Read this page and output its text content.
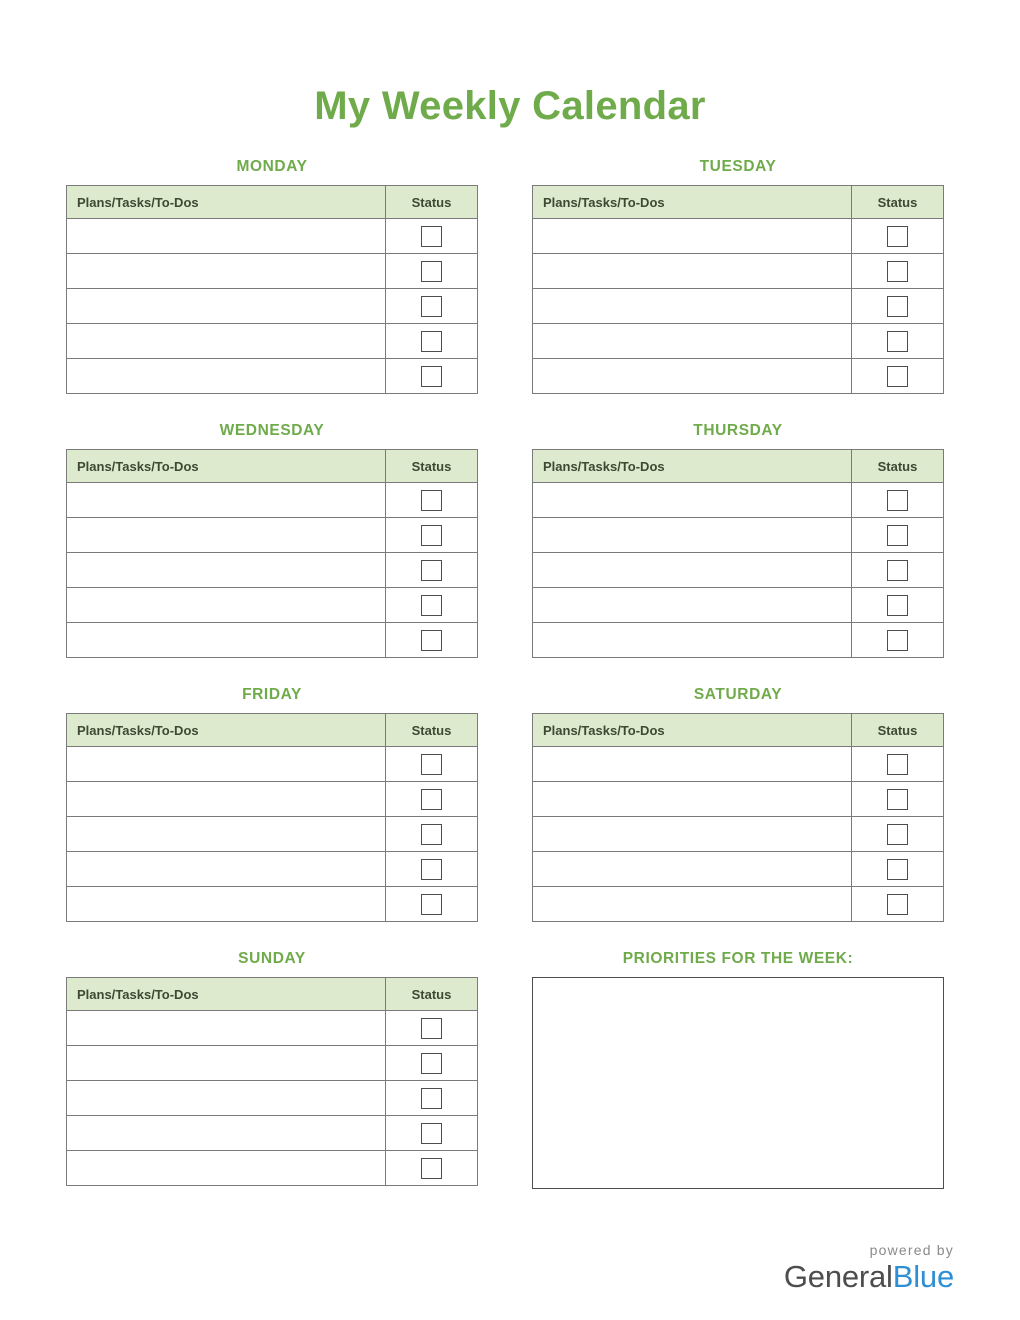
My Weekly Calendar
MONDAY
Plans/Tasks/To-Dos	Status

TUESDAY
Plans/Tasks/To-Dos	Status

WEDNESDAY
Plans/Tasks/To-Dos	Status

THURSDAY
Plans/Tasks/To-Dos	Status

FRIDAY
Plans/Tasks/To-Dos	Status

SATURDAY
Plans/Tasks/To-Dos	Status

SUNDAY
Plans/Tasks/To-Dos	Status

PRIORITIES FOR THE WEEK:
powered by
GeneralBlue
